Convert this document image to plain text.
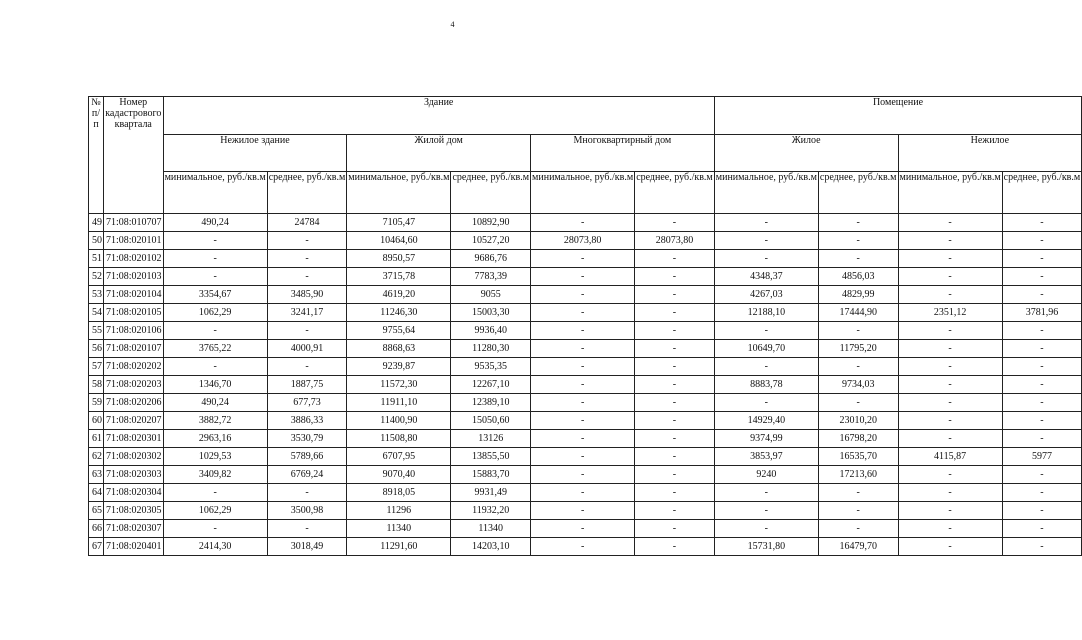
4
№ п/п	Номер кадастрового квартала	Здание						Помещение			
		Нежилое здание		Жилой дом		Многоквартирный дом		Жилое		Нежилое	
		минимальное, руб./кв.м	среднее, руб./кв.м	минимальное, руб./кв.м	среднее, руб./кв.м	минимальное, руб./кв.м	среднее, руб./кв.м	минимальное, руб./кв.м	среднее, руб./кв.м	минимальное, руб./кв.м	среднее, руб./кв.м
49	71:08:010707	490,24	24784	7105,47	10892,90	-	-	-	-	-	-
50	71:08:020101	-	-	10464,60	10527,20	28073,80	28073,80	-	-	-	-
51	71:08:020102	-	-	8950,57	9686,76	-	-	-	-	-	-
52	71:08:020103	-	-	3715,78	7783,39	-	-	4348,37	4856,03	-	-
53	71:08:020104	3354,67	3485,90	4619,20	9055	-	-	4267,03	4829,99	-	-
54	71:08:020105	1062,29	3241,17	11246,30	15003,30	-	-	12188,10	17444,90	2351,12	3781,96
55	71:08:020106	-	-	9755,64	9936,40	-	-	-	-	-	-
56	71:08:020107	3765,22	4000,91	8868,63	11280,30	-	-	10649,70	11795,20	-	-
57	71:08:020202	-	-	9239,87	9535,35	-	-	-	-	-	-
58	71:08:020203	1346,70	1887,75	11572,30	12267,10	-	-	8883,78	9734,03	-	-
59	71:08:020206	490,24	677,73	11911,10	12389,10	-	-	-	-	-	-
60	71:08:020207	3882,72	3886,33	11400,90	15050,60	-	-	14929,40	23010,20	-	-
61	71:08:020301	2963,16	3530,79	11508,80	13126	-	-	9374,99	16798,20	-	-
62	71:08:020302	1029,53	5789,66	6707,95	13855,50	-	-	3853,97	16535,70	4115,87	5977
63	71:08:020303	3409,82	6769,24	9070,40	15883,70	-	-	9240	17213,60	-	-
64	71:08:020304	-	-	8918,05	9931,49	-	-	-	-	-	-
65	71:08:020305	1062,29	3500,98	11296	11932,20	-	-	-	-	-	-
66	71:08:020307	-	-	11340	11340	-	-	-	-	-	-
67	71:08:020401	2414,30	3018,49	11291,60	14203,10	-	-	15731,80	16479,70	-	-
